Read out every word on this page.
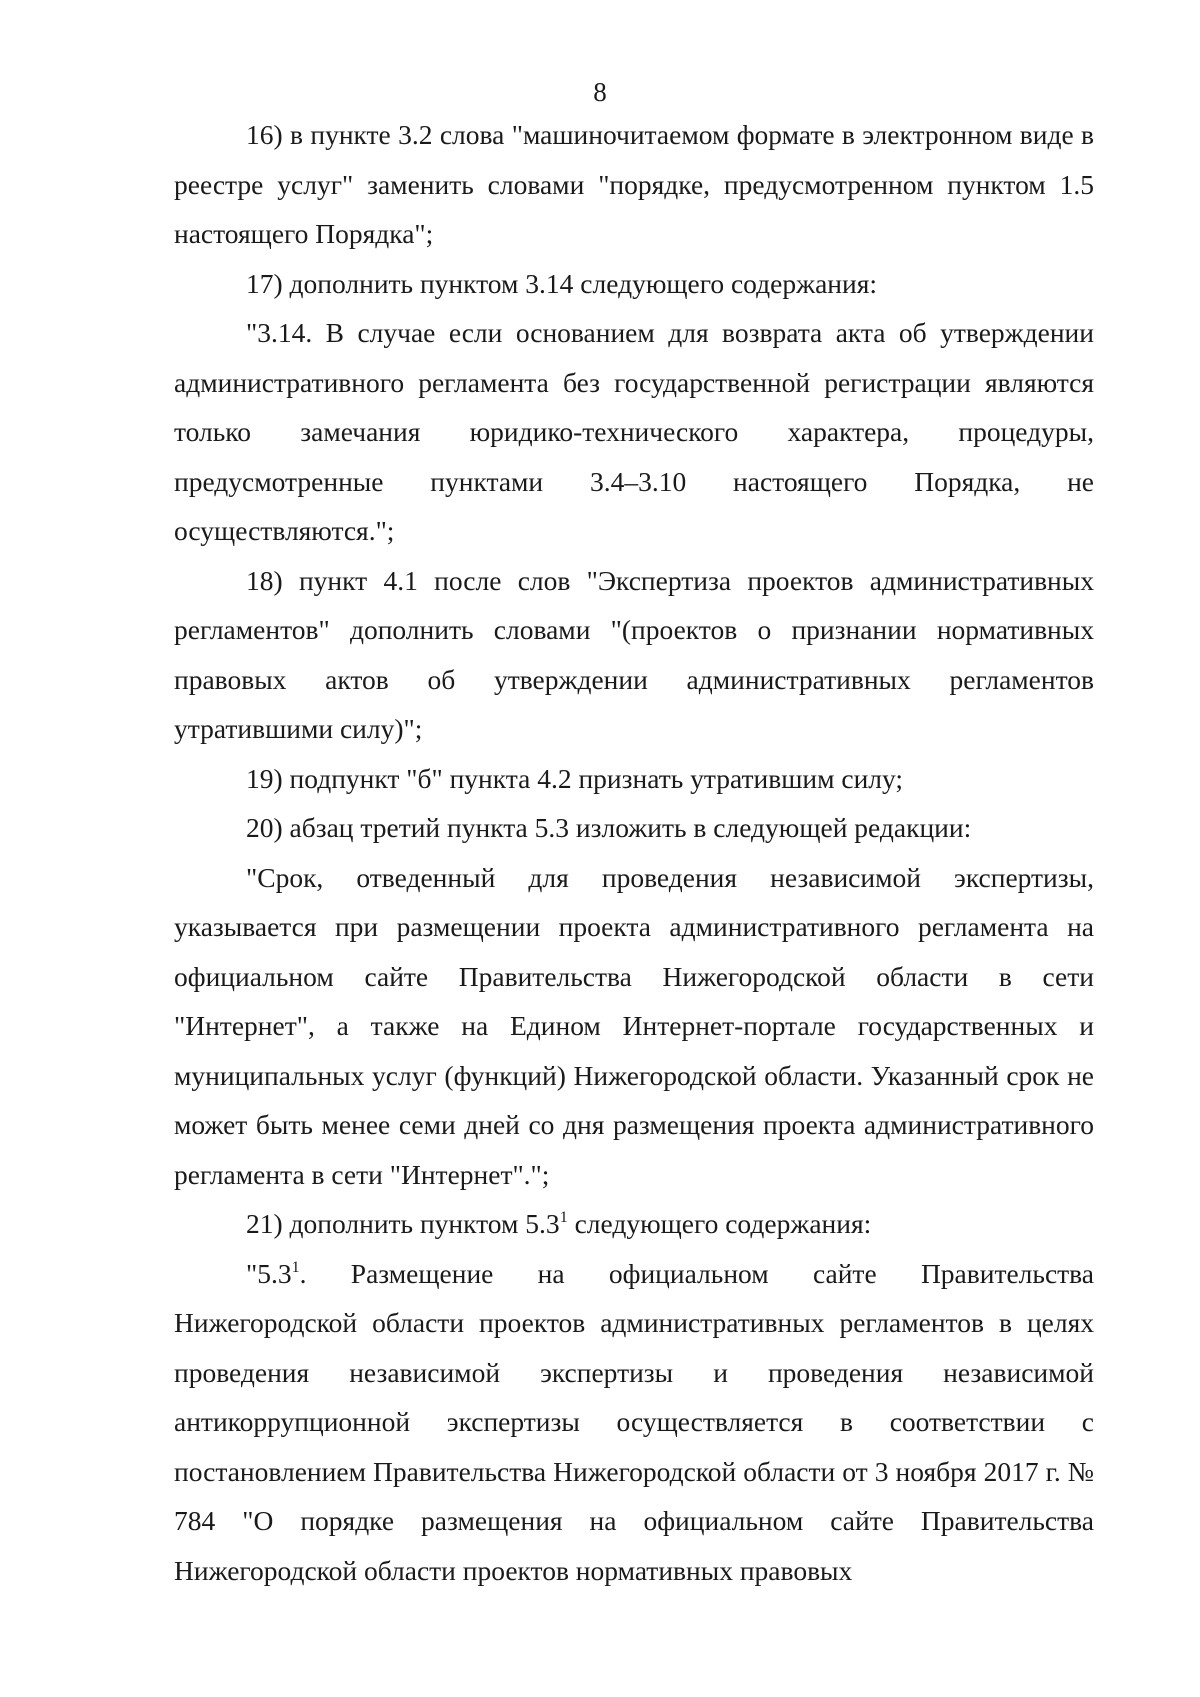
8

16) в пункте 3.2 слова "машиночитаемом формате в электронном виде в реестре услуг" заменить словами "порядке, предусмотренном пунктом 1.5 настоящего Порядка";

17) дополнить пунктом 3.14 следующего содержания:

"3.14. В случае если основанием для возврата акта об утверждении административного регламента без государственной регистрации являются только замечания юридико-технического характера, процедуры, предусмотренные пунктами 3.4–3.10 настоящего Порядка, не осуществляются.";

18) пункт 4.1 после слов "Экспертиза проектов административных регламентов" дополнить словами "(проектов о признании нормативных правовых актов об утверждении административных регламентов утратившими силу)";

19) подпункт "б" пункта 4.2 признать утратившим силу;

20) абзац третий пункта 5.3 изложить в следующей редакции:

"Срок, отведенный для проведения независимой экспертизы, указывается при размещении проекта административного регламента на официальном сайте Правительства Нижегородской области в сети "Интернет", а также на Едином Интернет-портале государственных и муниципальных услуг (функций) Нижегородской области. Указанный срок не может быть менее семи дней со дня размещения проекта административного регламента в сети "Интернет".";

21) дополнить пунктом $5.3^1$ следующего содержания:

"$5.3^1$. Размещение на официальном сайте Правительства Нижегородской области проектов административных регламентов в целях проведения независимой экспертизы и проведения независимой антикоррупционной экспертизы осуществляется в соответствии с постановлением Правительства Нижегородской области от 3 ноября 2017 г. № 784 "О порядке размещения на официальном сайте Правительства Нижегородской области проектов нормативных правовых
